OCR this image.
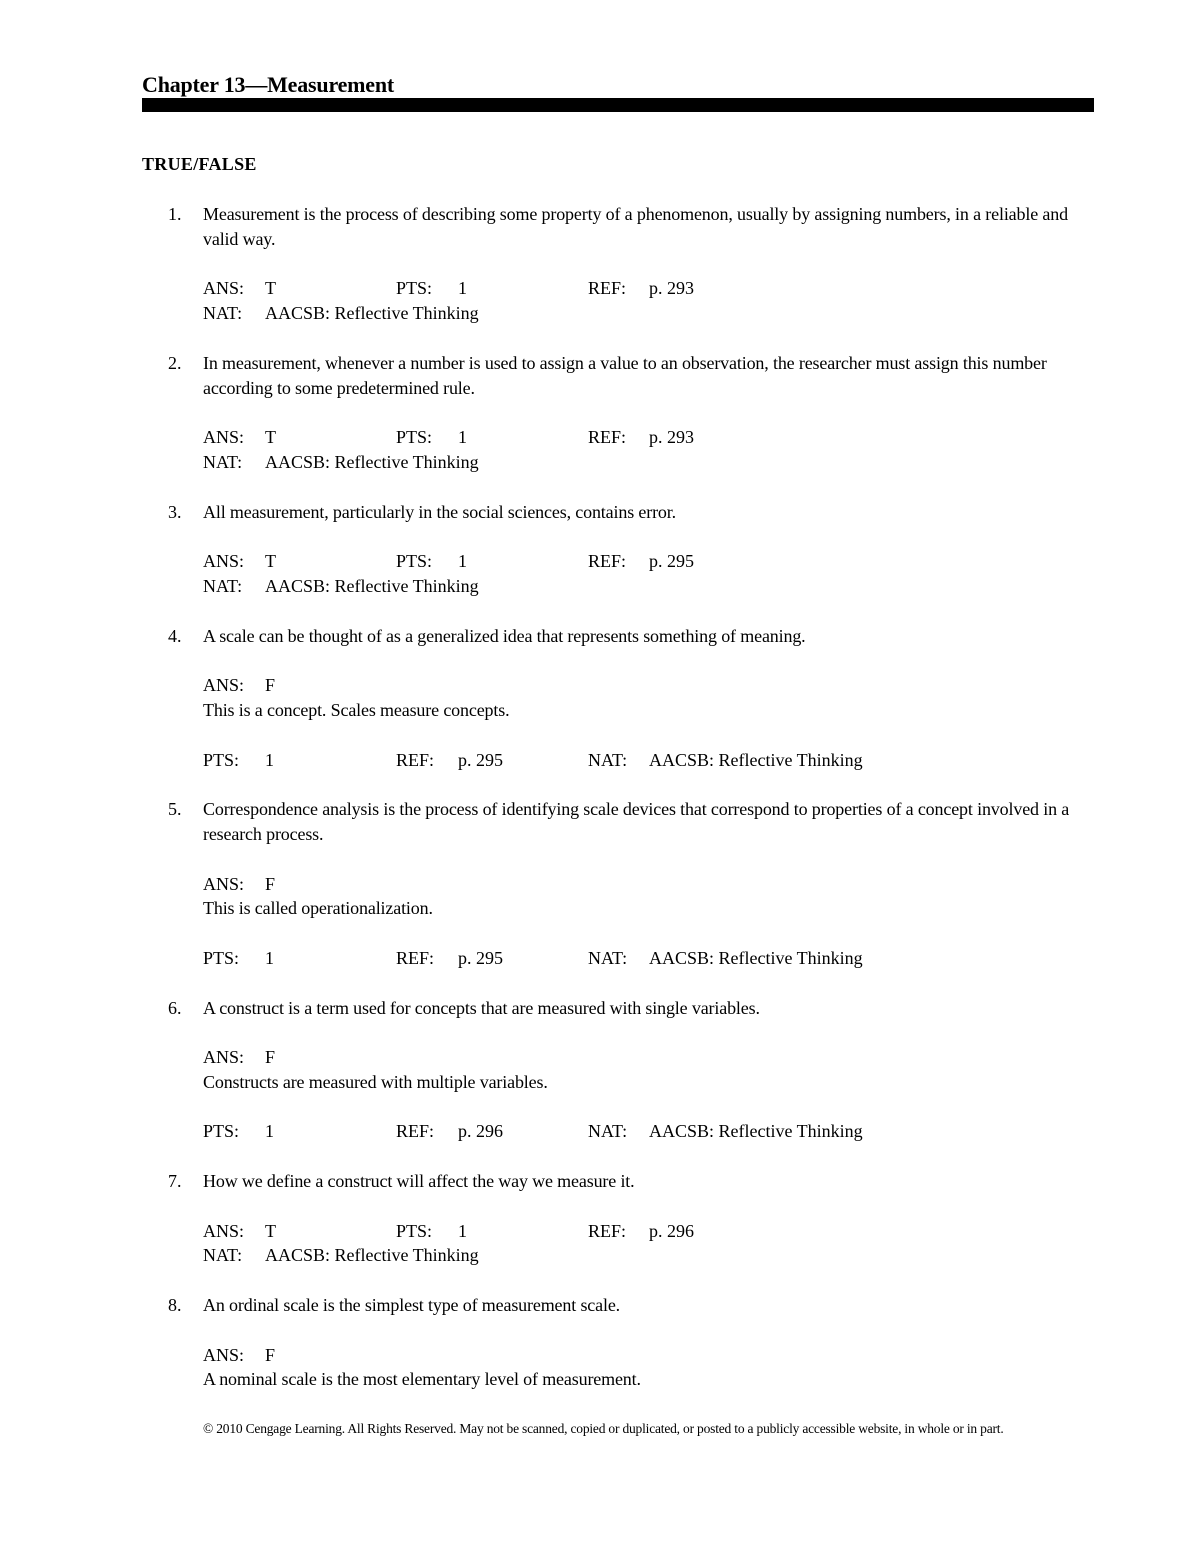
Chapter 13—Measurement
TRUE/FALSE
1.	Measurement is the process of describing some property of a phenomenon, usually by assigning numbers, in a reliable and valid way.
ANS: T	PTS: 1	REF: p. 293
NAT: AACSB: Reflective Thinking
2.	In measurement, whenever a number is used to assign a value to an observation, the researcher must assign this number according to some predetermined rule.
ANS: T	PTS: 1	REF: p. 293
NAT: AACSB: Reflective Thinking
3.	All measurement, particularly in the social sciences, contains error.
ANS: T	PTS: 1	REF: p. 295
NAT: AACSB: Reflective Thinking
4.	A scale can be thought of as a generalized idea that represents something of meaning.
ANS: F
This is a concept. Scales measure concepts.
PTS: 1	REF: p. 295	NAT: AACSB: Reflective Thinking
5.	Correspondence analysis is the process of identifying scale devices that correspond to properties of a concept involved in a research process.
ANS: F
This is called operationalization.
PTS: 1	REF: p. 295	NAT: AACSB: Reflective Thinking
6.	A construct is a term used for concepts that are measured with single variables.
ANS: F
Constructs are measured with multiple variables.
PTS: 1	REF: p. 296	NAT: AACSB: Reflective Thinking
7.	How we define a construct will affect the way we measure it.
ANS: T	PTS: 1	REF: p. 296
NAT: AACSB: Reflective Thinking
8.	An ordinal scale is the simplest type of measurement scale.
ANS: F
A nominal scale is the most elementary level of measurement.
© 2010 Cengage Learning. All Rights Reserved. May not be scanned, copied or duplicated, or posted to a publicly accessible website, in whole or in part.
